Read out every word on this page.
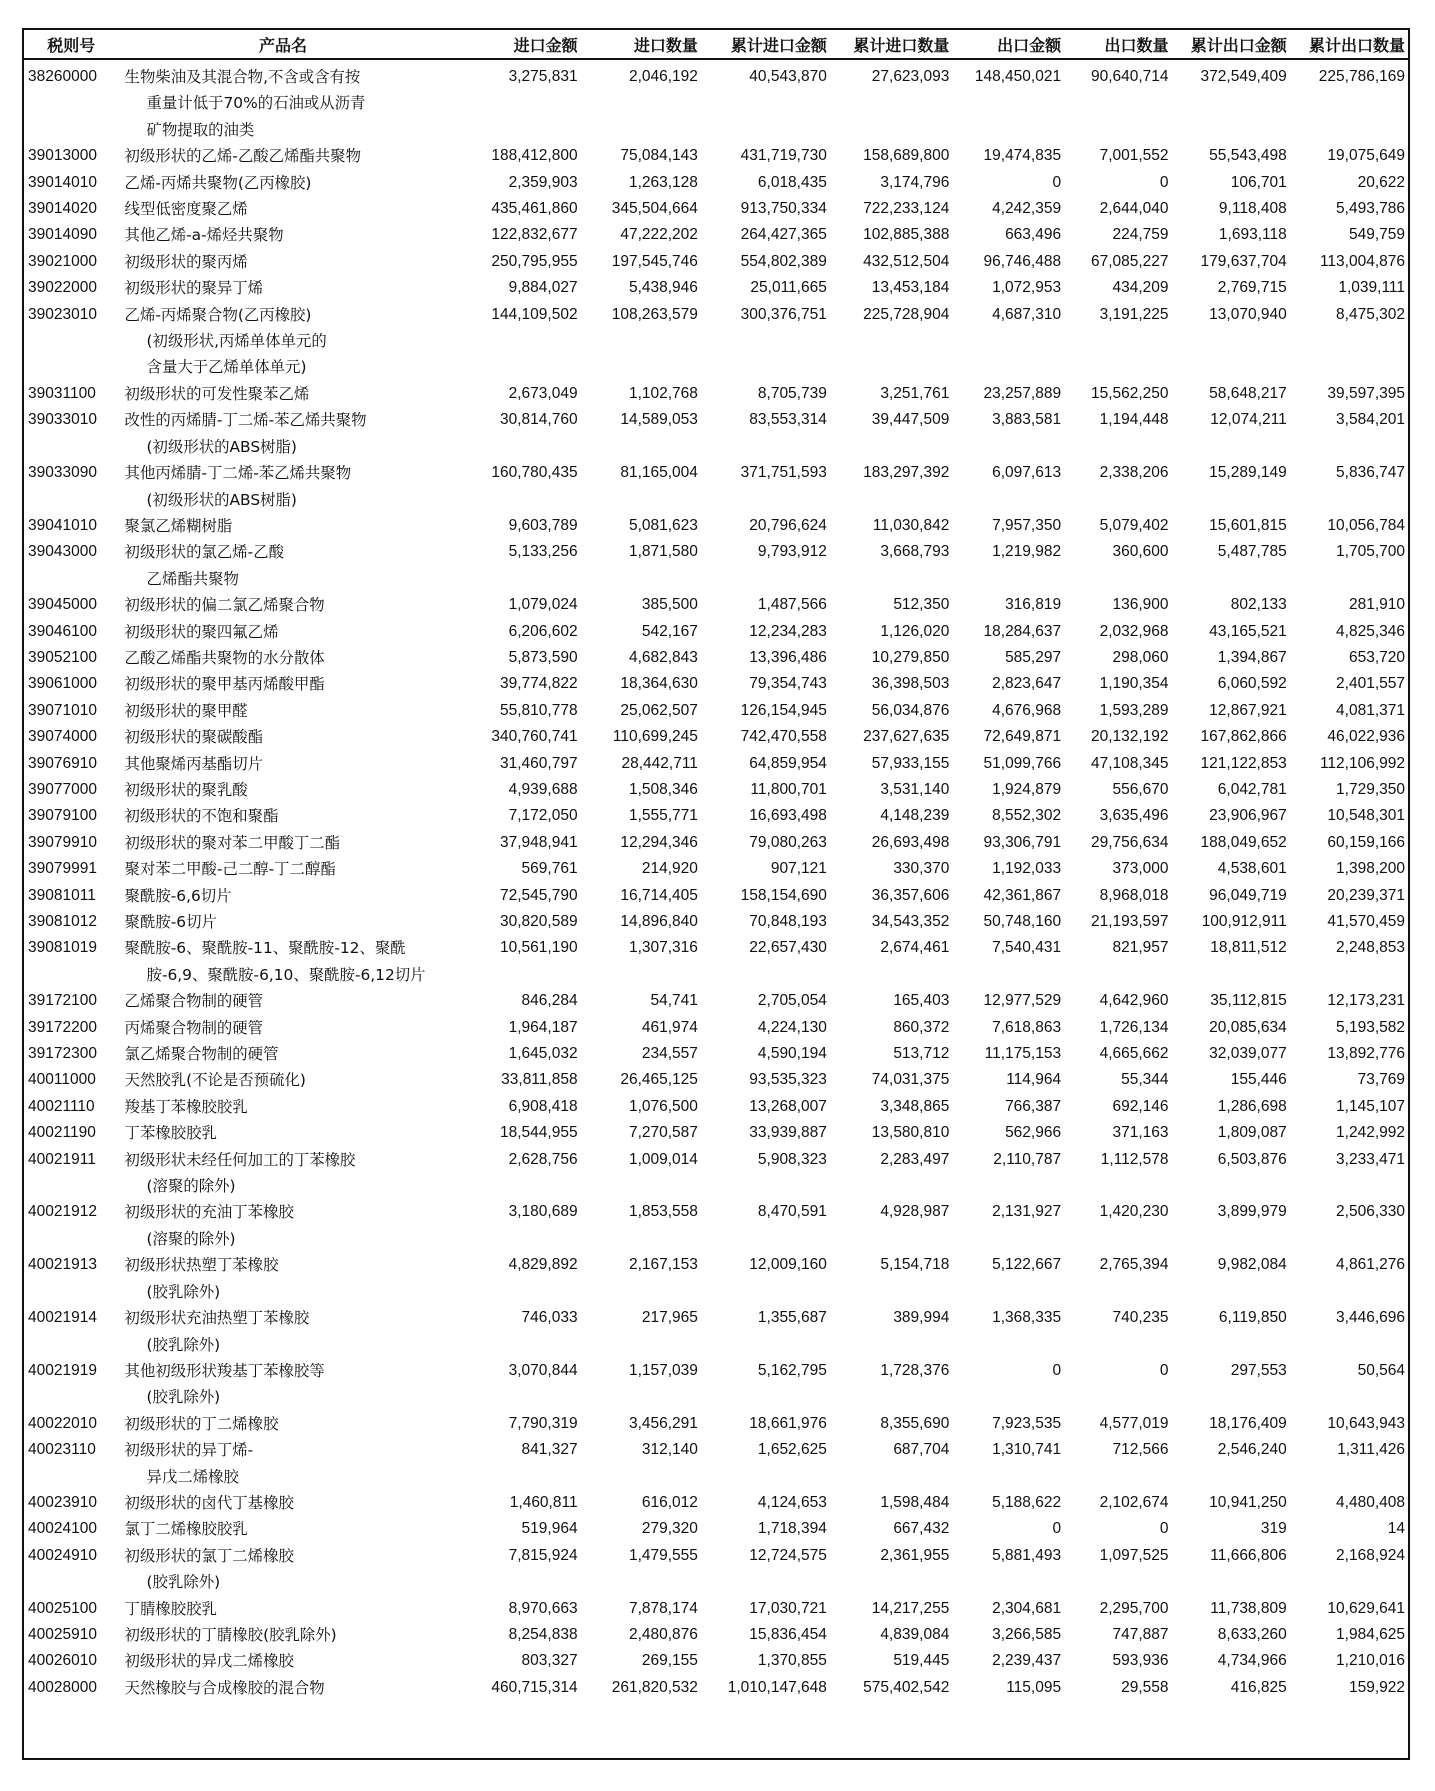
税则号	产品名	进口金额	进口数量	累计进口金额	累计进口数量	出口金额	出口数量	累计出口金额	累计出口数量
38260000	生物柴油及其混合物,不含或含有按
重量计低于70%的石油或从沥青
矿物提取的油类	3,275,831	2,046,192	40,543,870	27,623,093	148,450,021	90,640,714	372,549,409	225,786,169
39013000	初级形状的乙烯-乙酸乙烯酯共聚物	188,412,800	75,084,143	431,719,730	158,689,800	19,474,835	7,001,552	55,543,498	19,075,649
39014010	乙烯-丙烯共聚物(乙丙橡胶)	2,359,903	1,263,128	6,018,435	3,174,796	0	0	106,701	20,622
39014020	线型低密度聚乙烯	435,461,860	345,504,664	913,750,334	722,233,124	4,242,359	2,644,040	9,118,408	5,493,786
39014090	其他乙烯-a-烯烃共聚物	122,832,677	47,222,202	264,427,365	102,885,388	663,496	224,759	1,693,118	549,759
39021000	初级形状的聚丙烯	250,795,955	197,545,746	554,802,389	432,512,504	96,746,488	67,085,227	179,637,704	113,004,876
39022000	初级形状的聚异丁烯	9,884,027	5,438,946	25,011,665	13,453,184	1,072,953	434,209	2,769,715	1,039,111
39023010	乙烯-丙烯聚合物(乙丙橡胶)
(初级形状,丙烯单体单元的
含量大于乙烯单体单元)	144,109,502	108,263,579	300,376,751	225,728,904	4,687,310	3,191,225	13,070,940	8,475,302
39031100	初级形状的可发性聚苯乙烯	2,673,049	1,102,768	8,705,739	3,251,761	23,257,889	15,562,250	58,648,217	39,597,395
39033010	改性的丙烯腈-丁二烯-苯乙烯共聚物
(初级形状的ABS树脂)	30,814,760	14,589,053	83,553,314	39,447,509	3,883,581	1,194,448	12,074,211	3,584,201
39033090	其他丙烯腈-丁二烯-苯乙烯共聚物
(初级形状的ABS树脂)	160,780,435	81,165,004	371,751,593	183,297,392	6,097,613	2,338,206	15,289,149	5,836,747
39041010	聚氯乙烯糊树脂	9,603,789	5,081,623	20,796,624	11,030,842	7,957,350	5,079,402	15,601,815	10,056,784
39043000	初级形状的氯乙烯-乙酸
乙烯酯共聚物	5,133,256	1,871,580	9,793,912	3,668,793	1,219,982	360,600	5,487,785	1,705,700
39045000	初级形状的偏二氯乙烯聚合物	1,079,024	385,500	1,487,566	512,350	316,819	136,900	802,133	281,910
39046100	初级形状的聚四氟乙烯	6,206,602	542,167	12,234,283	1,126,020	18,284,637	2,032,968	43,165,521	4,825,346
39052100	乙酸乙烯酯共聚物的水分散体	5,873,590	4,682,843	13,396,486	10,279,850	585,297	298,060	1,394,867	653,720
39061000	初级形状的聚甲基丙烯酸甲酯	39,774,822	18,364,630	79,354,743	36,398,503	2,823,647	1,190,354	6,060,592	2,401,557
39071010	初级形状的聚甲醛	55,810,778	25,062,507	126,154,945	56,034,876	4,676,968	1,593,289	12,867,921	4,081,371
39074000	初级形状的聚碳酸酯	340,760,741	110,699,245	742,470,558	237,627,635	72,649,871	20,132,192	167,862,866	46,022,936
39076910	其他聚烯丙基酯切片	31,460,797	28,442,711	64,859,954	57,933,155	51,099,766	47,108,345	121,122,853	112,106,992
39077000	初级形状的聚乳酸	4,939,688	1,508,346	11,800,701	3,531,140	1,924,879	556,670	6,042,781	1,729,350
39079100	初级形状的不饱和聚酯	7,172,050	1,555,771	16,693,498	4,148,239	8,552,302	3,635,496	23,906,967	10,548,301
39079910	初级形状的聚对苯二甲酸丁二酯	37,948,941	12,294,346	79,080,263	26,693,498	93,306,791	29,756,634	188,049,652	60,159,166
39079991	聚对苯二甲酸-己二醇-丁二醇酯	569,761	214,920	907,121	330,370	1,192,033	373,000	4,538,601	1,398,200
39081011	聚酰胺-6,6切片	72,545,790	16,714,405	158,154,690	36,357,606	42,361,867	8,968,018	96,049,719	20,239,371
39081012	聚酰胺-6切片	30,820,589	14,896,840	70,848,193	34,543,352	50,748,160	21,193,597	100,912,911	41,570,459
39081019	聚酰胺-6、聚酰胺-11、聚酰胺-12、聚酰
胺-6,9、聚酰胺-6,10、聚酰胺-6,12切片	10,561,190	1,307,316	22,657,430	2,674,461	7,540,431	821,957	18,811,512	2,248,853
39172100	乙烯聚合物制的硬管	846,284	54,741	2,705,054	165,403	12,977,529	4,642,960	35,112,815	12,173,231
39172200	丙烯聚合物制的硬管	1,964,187	461,974	4,224,130	860,372	7,618,863	1,726,134	20,085,634	5,193,582
39172300	氯乙烯聚合物制的硬管	1,645,032	234,557	4,590,194	513,712	11,175,153	4,665,662	32,039,077	13,892,776
40011000	天然胶乳(不论是否预硫化)	33,811,858	26,465,125	93,535,323	74,031,375	114,964	55,344	155,446	73,769
40021110	羧基丁苯橡胶胶乳	6,908,418	1,076,500	13,268,007	3,348,865	766,387	692,146	1,286,698	1,145,107
40021190	丁苯橡胶胶乳	18,544,955	7,270,587	33,939,887	13,580,810	562,966	371,163	1,809,087	1,242,992
40021911	初级形状未经任何加工的丁苯橡胶
(溶聚的除外)	2,628,756	1,009,014	5,908,323	2,283,497	2,110,787	1,112,578	6,503,876	3,233,471
40021912	初级形状的充油丁苯橡胶
(溶聚的除外)	3,180,689	1,853,558	8,470,591	4,928,987	2,131,927	1,420,230	3,899,979	2,506,330
40021913	初级形状热塑丁苯橡胶
(胶乳除外)	4,829,892	2,167,153	12,009,160	5,154,718	5,122,667	2,765,394	9,982,084	4,861,276
40021914	初级形状充油热塑丁苯橡胶
(胶乳除外)	746,033	217,965	1,355,687	389,994	1,368,335	740,235	6,119,850	3,446,696
40021919	其他初级形状羧基丁苯橡胶等
(胶乳除外)	3,070,844	1,157,039	5,162,795	1,728,376	0	0	297,553	50,564
40022010	初级形状的丁二烯橡胶	7,790,319	3,456,291	18,661,976	8,355,690	7,923,535	4,577,019	18,176,409	10,643,943
40023110	初级形状的异丁烯-
异戊二烯橡胶	841,327	312,140	1,652,625	687,704	1,310,741	712,566	2,546,240	1,311,426
40023910	初级形状的卤代丁基橡胶	1,460,811	616,012	4,124,653	1,598,484	5,188,622	2,102,674	10,941,250	4,480,408
40024100	氯丁二烯橡胶胶乳	519,964	279,320	1,718,394	667,432	0	0	319	14
40024910	初级形状的氯丁二烯橡胶
(胶乳除外)	7,815,924	1,479,555	12,724,575	2,361,955	5,881,493	1,097,525	11,666,806	2,168,924
40025100	丁腈橡胶胶乳	8,970,663	7,878,174	17,030,721	14,217,255	2,304,681	2,295,700	11,738,809	10,629,641
40025910	初级形状的丁腈橡胶(胶乳除外)	8,254,838	2,480,876	15,836,454	4,839,084	3,266,585	747,887	8,633,260	1,984,625
40026010	初级形状的异戊二烯橡胶	803,327	269,155	1,370,855	519,445	2,239,437	593,936	4,734,966	1,210,016
40028000	天然橡胶与合成橡胶的混合物	460,715,314	261,820,532	1,010,147,648	575,402,542	115,095	29,558	416,825	159,922
